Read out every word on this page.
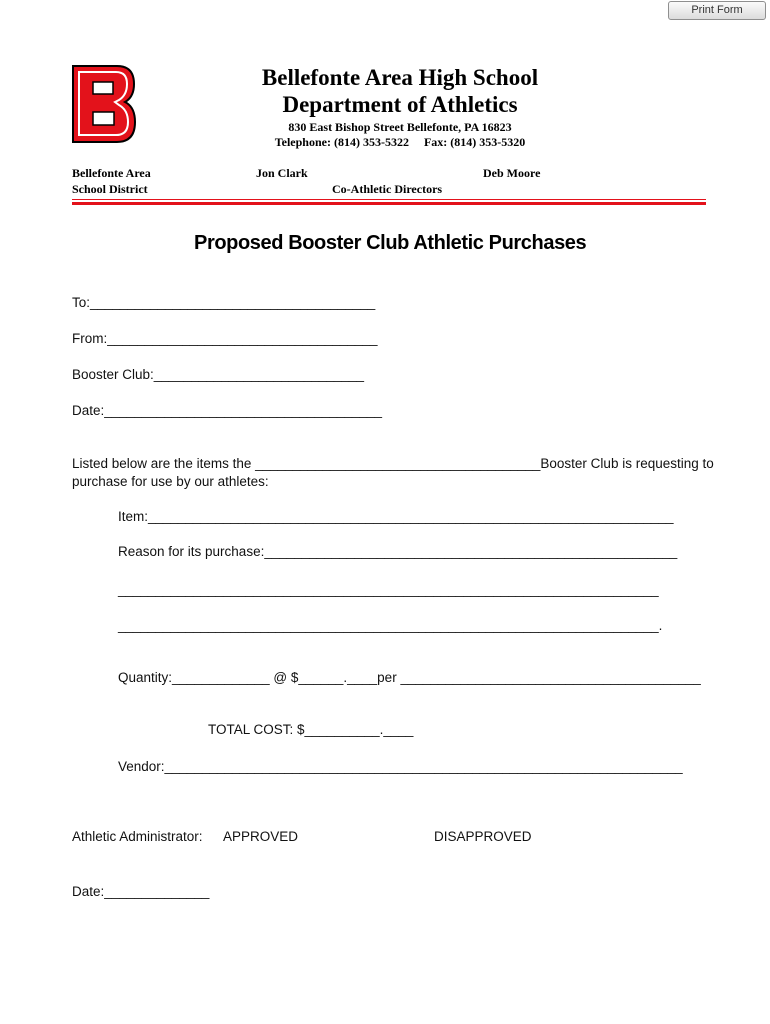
Print Form
Bellefonte Area High School
Department of Athletics
830 East Bishop Street Bellefonte, PA 16823
Telephone: (814) 353-5322     Fax: (814) 353-5320
Bellefonte Area
School District
Jon Clark	Deb Moore
Co-Athletic Directors
Proposed Booster Club Athletic Purchases
To:______________________________________
From:____________________________________
Booster Club:____________________________
Date:_____________________________________
Listed below are the items the ______________________________________Booster Club is requesting to
purchase for use by our athletes:
Item:______________________________________________________________________
Reason for its purchase:_______________________________________________________
________________________________________________________________________
________________________________________________________________________.
Quantity:_____________ @ $______.____per ________________________________________
TOTAL COST: $__________.____
Vendor:_____________________________________________________________________
Athletic Administrator: APPROVED	DISAPPROVED
Date:______________
